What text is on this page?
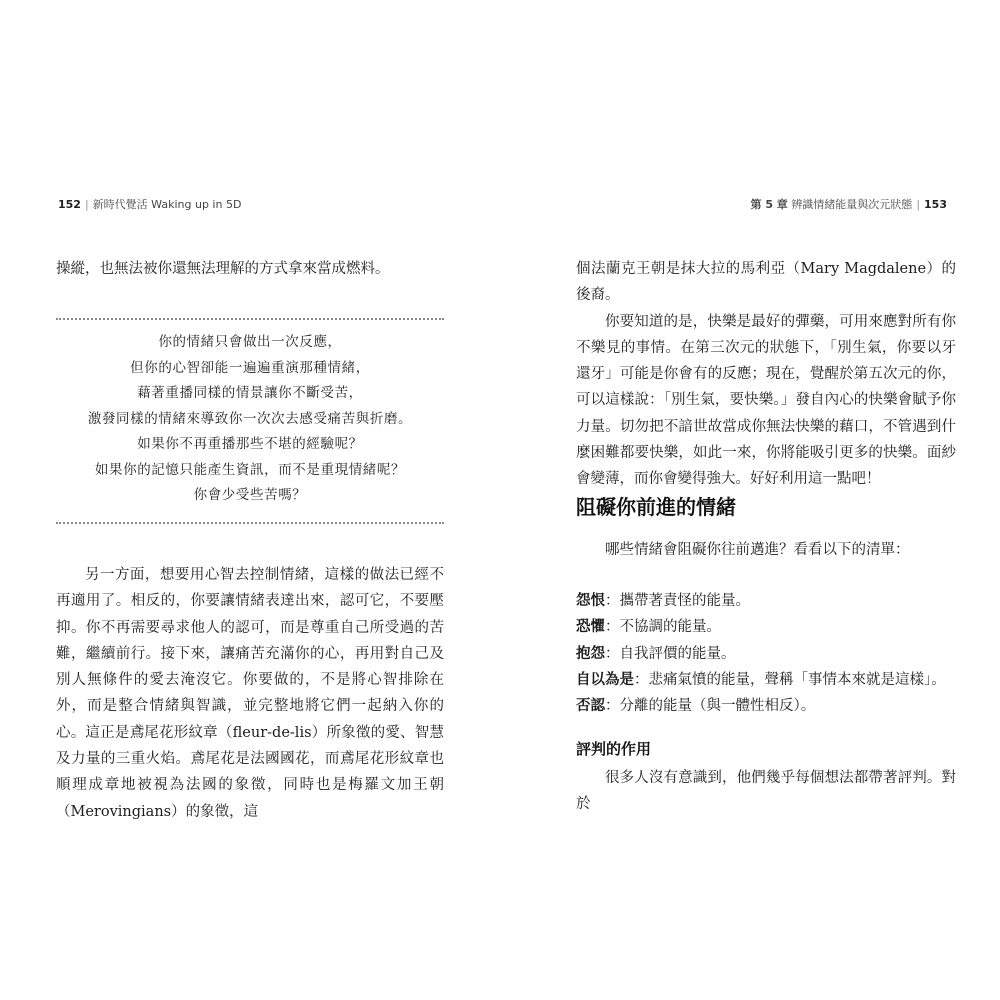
152 | 新時代覺活 Waking up in 5D

操縱，也無法被你還無法理解的方式拿來當成燃料。

你的情緒只會做出一次反應，
但你的心智卻能一遍遍重演那種情緒，
藉著重播同樣的情景讓你不斷受苦，
激發同樣的情緒來導致你一次次去感受痛苦與折磨。
如果你不再重播那些不堪的經驗呢？
如果你的記憶只能產生資訊，而不是重現情緒呢？
你會少受些苦嗎？

另一方面，想要用心智去控制情緒，這樣的做法已經不再適用了。相反的，你要讓情緒表達出來，認可它，不要壓抑。你不再需要尋求他人的認可，而是尊重自己所受過的苦難，繼續前行。接下來，讓痛苦充滿你的心，再用對自己及別人無條件的愛去淹沒它。你要做的，不是將心智排除在外，而是整合情緒與智識，並完整地將它們一起納入你的心。這正是鳶尾花形紋章（fleur-de-lis）所象徵的愛、智慧及力量的三重火焰。鳶尾花是法國國花，而鳶尾花形紋章也順理成章地被視為法國的象徵，同時也是梅羅文加王朝（Merovingians）的象徵，這

第 5 章 辨識情緒能量與次元狀態 | 153

個法蘭克王朝是抹大拉的馬利亞（Mary Magdalene）的後裔。

你要知道的是，快樂是最好的彈藥，可用來應對所有你不樂見的事情。在第三次元的狀態下，「別生氣，你要以牙還牙」可能是你會有的反應；現在，覺醒於第五次元的你，可以這樣說：「別生氣，要快樂。」發自內心的快樂會賦予你力量。切勿把不諳世故當成你無法快樂的藉口，不管遇到什麼困難都要快樂，如此一來，你將能吸引更多的快樂。面紗會變薄，而你會變得強大。好好利用這一點吧！

阻礙你前進的情緒

哪些情緒會阻礙你往前邁進？看看以下的清單：

怨恨：攜帶著責怪的能量。
恐懼：不協調的能量。
抱怨：自我評價的能量。
自以為是：悲痛氣憤的能量，聲稱「事情本來就是這樣」。
否認：分離的能量（與一體性相反）。
評判的作用

很多人沒有意識到，他們幾乎每個想法都帶著評判。對於
